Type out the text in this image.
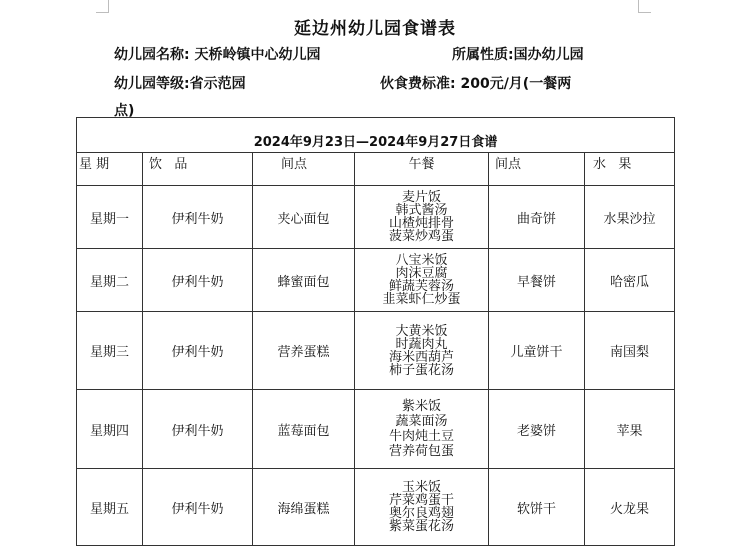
延边州幼儿园食谱表
幼儿园名称: 天桥岭镇中心幼儿园	所属性质:国办幼儿园
幼儿园等级:省示范园	伙食费标准: 200元/月(一餐两
点)
2024年9月23日—2024年9月27日食谱					
星 期	饮   品	间点	午餐	间点	水   果
星期一	伊利牛奶	夹心面包	麦片饭
韩式酱汤
山楂炖排骨
菠菜炒鸡蛋	曲奇饼	水果沙拉
星期二	伊利牛奶	蜂蜜面包	八宝米饭
肉沫豆腐
鲜蔬芙蓉汤
韭菜虾仁炒蛋	早餐饼	哈密瓜
星期三	伊利牛奶	营养蛋糕	大黄米饭
时蔬肉丸
海米西葫芦
柿子蛋花汤	儿童饼干	南国梨
星期四	伊利牛奶	蓝莓面包	紫米饭
蔬菜面汤
牛肉炖土豆
营养荷包蛋	老婆饼	苹果
星期五	伊利牛奶	海绵蛋糕	玉米饭
芹菜鸡蛋干
奥尔良鸡翅
紫菜蛋花汤	软饼干	火龙果
